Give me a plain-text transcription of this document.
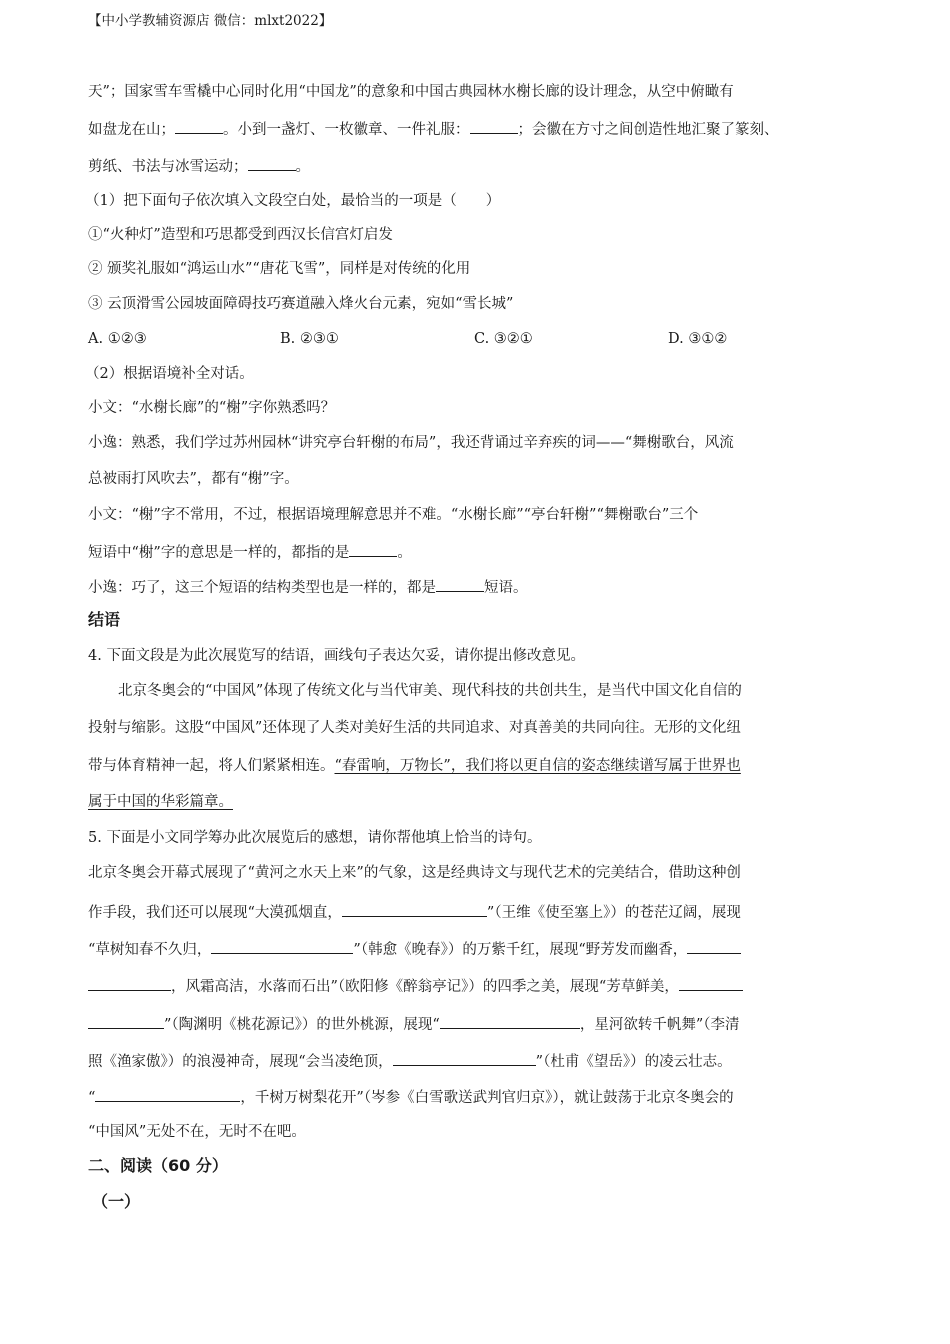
【中小学教辅资源店 微信：mlxt2022】
天”；国家雪车雪橇中心同时化用“中国龙”的意象和中国古典园林水榭长廊的设计理念，从空中俯瞰有
如盘龙在山；	。小到一盏灯、一枚徽章、一件礼服：	；会徽在方寸之间创造性地汇聚了篆刻、
剪纸、书法与冰雪运动；	。
（1）把下面句子依次填入文段空白处，最恰当的一项是（　　）
①“火种灯”造型和巧思都受到西汉长信宫灯启发
② 颁奖礼服如“鸿运山水”“唐花飞雪”，同样是对传统的化用
③ 云顶滑雪公园坡面障碍技巧赛道融入烽火台元素，宛如“雪长城”
A. ①②③	B. ②③①	C. ③②①	D. ③①②
（2）根据语境补全对话。
小文：“水榭长廊”的“榭”字你熟悉吗？
小逸：熟悉，我们学过苏州园林“讲究亭台轩榭的布局”，我还背诵过辛弃疾的词——“舞榭歌台，风流
总被雨打风吹去”，都有“榭”字。
小文：“榭”字不常用，不过，根据语境理解意思并不难。“水榭长廊”“亭台轩榭”“舞榭歌台”三个
短语中“榭”字的意思是一样的，都指的是	。
小逸：巧了，这三个短语的结构类型也是一样的，都是	短语。
结语
4. 下面文段是为此次展览写的结语，画线句子表达欠妥，请你提出修改意见。
北京冬奥会的“中国风”体现了传统文化与当代审美、现代科技的共创共生，是当代中国文化自信的
投射与缩影。这股“中国风”还体现了人类对美好生活的共同追求、对真善美的共同向往。无形的文化纽
带与体育精神一起，将人们紧紧相连。“春雷响，万物长”，我们将以更自信的姿态继续谱写属于世界也
属于中国的华彩篇章。
5. 下面是小文同学筹办此次展览后的感想，请你帮他填上恰当的诗句。
北京冬奥会开幕式展现了“黄河之水天上来”的气象，这是经典诗文与现代艺术的完美结合，借助这种创
作手段，我们还可以展现“大漠孤烟直，	”（王维《使至塞上》）的苍茫辽阔，展现
“草树知春不久归，	”（韩愈《晚春》）的万紫千红，展现“野芳发而幽香，
，风霜高洁，水落而石出”（欧阳修《醉翁亭记》）的四季之美，展现“芳草鲜美，
”（陶渊明《桃花源记》）的世外桃源，展现“	，星河欲转千帆舞”（李清
照《渔家傲》）的浪漫神奇，展现“会当凌绝顶，	”（杜甫《望岳》）的凌云壮志。
“	，千树万树梨花开”（岑参《白雪歌送武判官归京》），就让鼓荡于北京冬奥会的
“中国风”无处不在，无时不在吧。
二、阅读（60 分）
（一）
